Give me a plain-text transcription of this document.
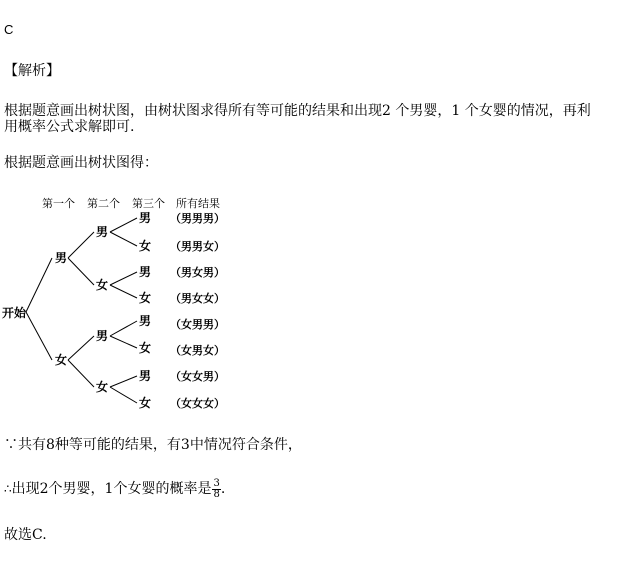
C
【解析】
根据题意画出树状图，由树状图求得所有等可能的结果和出现2 个男婴，1 个女婴的情况，再利
用概率公式求解即可.
根据题意画出树状图得：
第一个 第二个 第三个 所有结果
开始
男
女
男
女
男
女
男
女
男
女
男
女
男
女
（男男男）
（男男女）
（男女男）
（男女女）
（女男男）
（女男女）
（女女男）
（女女女）
∵共有8种等可能的结果，有3中情况符合条件，
∴出现2个男婴，1个女婴的概率是 $\frac{3}{8}$ .
故选C.
